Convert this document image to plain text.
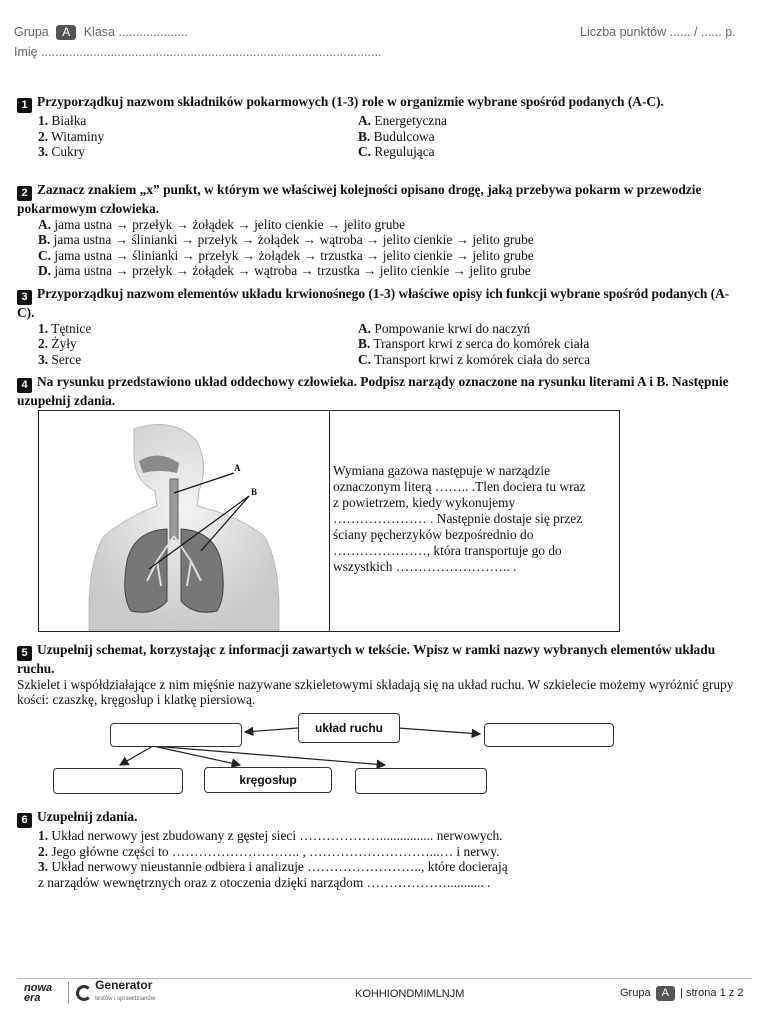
Grupa A Klasa ....................
Imię ..................................................................................................
Liczba punktów ...... / ...... p.
1 Przyporządkuj nazwom składników pokarmowych (1-3) role w organizmie wybrane spośród podanych (A-C).
1. Białka	A. Energetyczna
2. Witaminy	B. Budulcowa
3. Cukry	C. Regulująca
2 Zaznacz znakiem „x” punkt, w którym we właściwej kolejności opisano drogę, jaką przebywa pokarm w przewodzie pokarmowym człowieka.
A. jama ustna → przełyk → żołądek → jelito cienkie → jelito grube
B. jama ustna → ślinianki → przełyk → żołądek → wątroba → jelito cienkie → jelito grube
C. jama ustna → ślinianki → przełyk → żołądek → trzustka → jelito cienkie → jelito grube
D. jama ustna → przełyk → żołądek → wątroba → trzustka → jelito cienkie → jelito grube
3 Przyporządkuj nazwom elementów układu krwionośnego (1-3) właściwe opisy ich funkcji wybrane spośród podanych (A-C).
1. Tętnice	A. Pompowanie krwi do naczyń
2. Żyły	B. Transport krwi z serca do komórek ciała
3. Serce	C. Transport krwi z komórek ciała do serca
4 Na rysunku przedstawiono układ oddechowy człowieka. Podpisz narządy oznaczone na rysunku literami A i B. Następnie uzupełnij zdania.
A
B
Wymiana gazowa następuje w narządzie
oznaczonym literą …….. .Tlen dociera tu wraz
z powietrzem, kiedy wykonujemy
………………… . Następnie dostaje się przez
ściany pęcherzyków bezpośrednio do
…………………, która transportuje go do
wszystkich …………………….. .
5 Uzupełnij schemat, korzystając z informacji zawartych w tekście. Wpisz w ramki nazwy wybranych elementów układu ruchu.
Szkielet i współdziałające z nim mięśnie nazywane szkieletowymi składają się na układ ruchu. W szkielecie możemy wyróżnić grupy kości: czaszkę, kręgosłup i klatkę piersiową.
układ ruchu
kręgosłup
6 Uzupełnij zdania.
1. Układ nerwowy jest zbudowany z gęstej sieci ………………................ nerwowych.
2. Jego główne części to ……………………….. , ………………………...… i nerwy.
3. Układ nerwowy nieustannie odbiera i analizuje …………………….., które docierają
z narządów wewnętrznych oraz z otoczenia dzięki narządom ………………........... .
nowa era
Generator
testów i sprawdzianów	KOHHIONDMIMLNJM	Grupa A | strona 1 z 2
